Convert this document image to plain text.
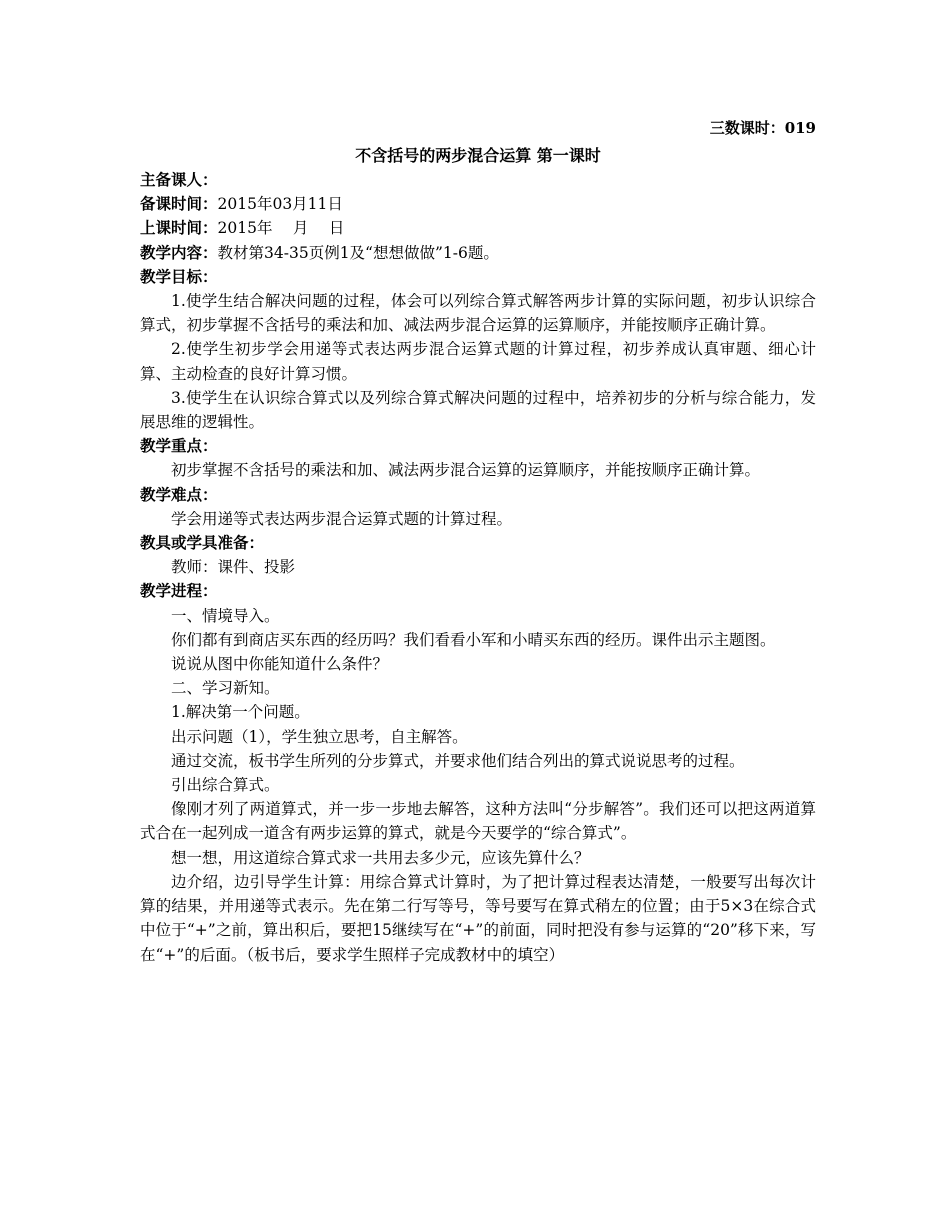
三数课时：019
不含括号的两步混合运算 第一课时
主备课人：
备课时间：2015年03月11日
上课时间：2015年　 月　 日
教学内容：教材第34-35页例1及“想想做做”1-6题。
教学目标：
1.使学生结合解决问题的过程，体会可以列综合算式解答两步计算的实际问题，初步认识综合算式，初步掌握不含括号的乘法和加、减法两步混合运算的运算顺序，并能按顺序正确计算。
2.使学生初步学会用递等式表达两步混合运算式题的计算过程，初步养成认真审题、细心计算、主动检查的良好计算习惯。
3.使学生在认识综合算式以及列综合算式解决问题的过程中，培养初步的分析与综合能力，发展思维的逻辑性。
教学重点：
初步掌握不含括号的乘法和加、减法两步混合运算的运算顺序，并能按顺序正确计算。
教学难点：
学会用递等式表达两步混合运算式题的计算过程。
教具或学具准备：
教师：课件、投影
教学进程：
一、情境导入。
你们都有到商店买东西的经历吗？我们看看小军和小晴买东西的经历。课件出示主题图。
说说从图中你能知道什么条件？
二、学习新知。
1.解决第一个问题。
出示问题（1），学生独立思考，自主解答。
通过交流，板书学生所列的分步算式，并要求他们结合列出的算式说说思考的过程。
引出综合算式。
像刚才列了两道算式，并一步一步地去解答，这种方法叫“分步解答”。我们还可以把这两道算式合在一起列成一道含有两步运算的算式，就是今天要学的“综合算式”。
想一想，用这道综合算式求一共用去多少元，应该先算什么？
边介绍，边引导学生计算：用综合算式计算时，为了把计算过程表达清楚，一般要写出每次计算的结果，并用递等式表示。先在第二行写等号，等号要写在算式稍左的位置；由于5×3在综合式中位于“+”之前，算出积后，要把15继续写在“+”的前面，同时把没有参与运算的“20”移下来，写在“+”的后面。（板书后，要求学生照样子完成教材中的填空）
